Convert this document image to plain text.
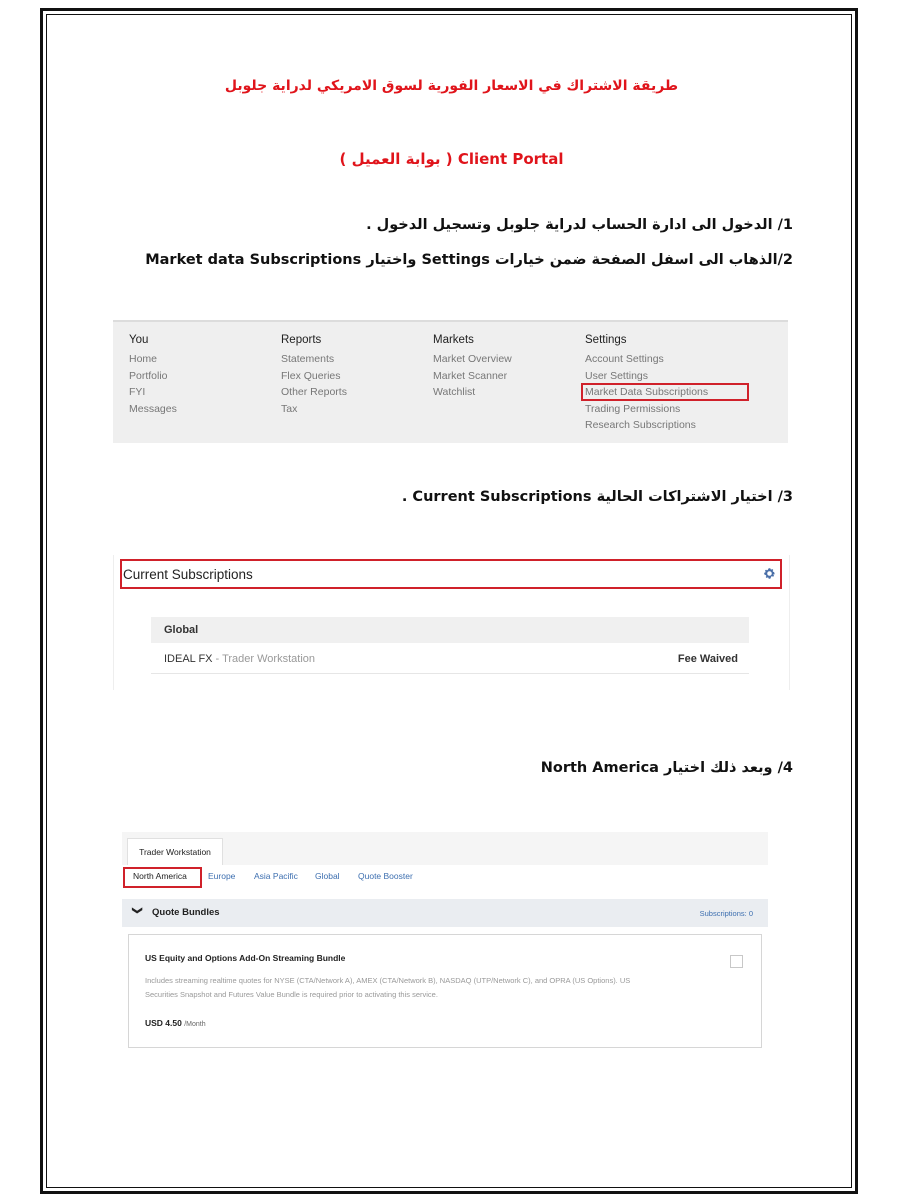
طريقة الاشتراك في الاسعار الفورية لسوق الامريكي لدراية جلوبل
Client Portal ( بوابة العميل )
1/ الدخول الى ادارة الحساب لدراية جلوبل وتسجيل الدخول .
2/الذهاب الى اسفل الصفحة ضمن خيارات Settings واختيار Market data Subscriptions
You
Home
Portfolio
FYI
Messages
Reports
Statements
Flex Queries
Other Reports
Tax
Markets
Market Overview
Market Scanner
Watchlist
Settings
Account Settings
User Settings
Market Data Subscriptions
Trading Permissions
Research Subscriptions
3/ اختيار الاشتراكات الحالية Current Subscriptions .
Current Subscriptions
Global
IDEAL FX - Trader Workstation	Fee Waived
4/ وبعد ذلك اختيار North America
Trader Workstation
North America Europe Asia Pacific Global Quote Booster
❯ Quote Bundles	Subscriptions: 0
US Equity and Options Add-On Streaming Bundle
Includes streaming realtime quotes for NYSE (CTA/Network A), AMEX (CTA/Network B), NASDAQ (UTP/Network C), and OPRA (US Options). US Securities Snapshot and Futures Value Bundle is required prior to activating this service.
USD 4.50 /Month
